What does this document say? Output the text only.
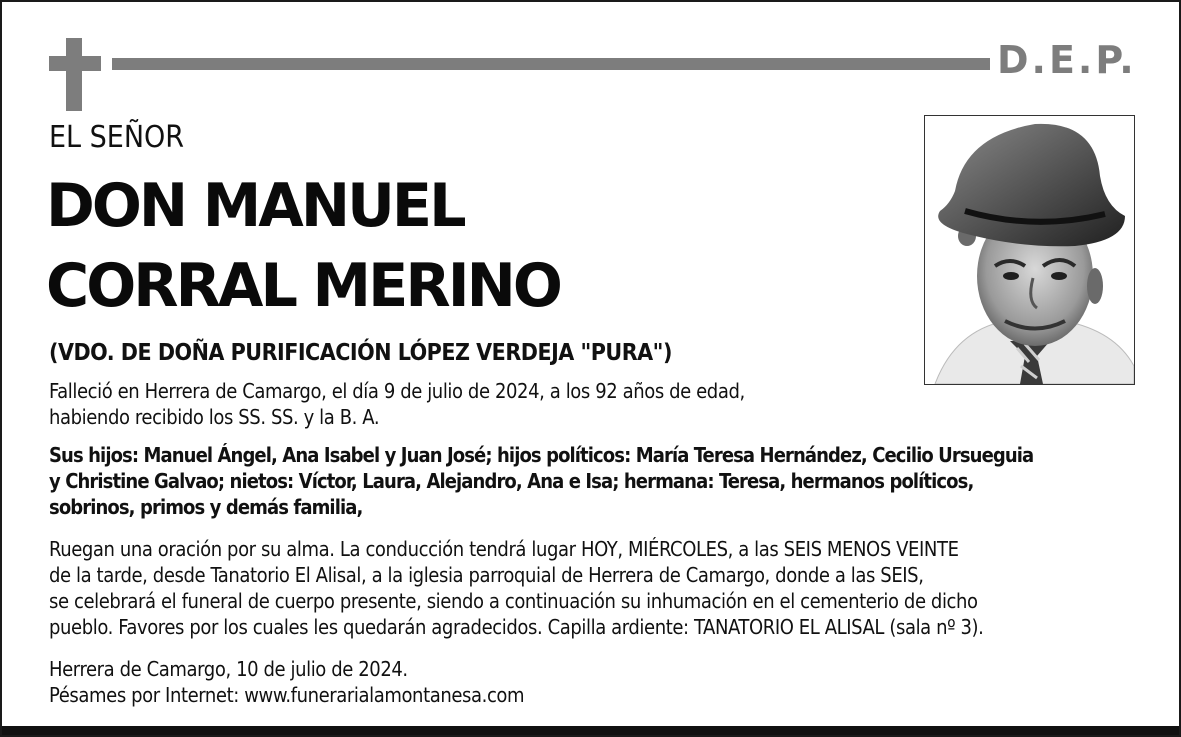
D.E.P.
EL SEÑOR
DON MANUEL
CORRAL MERINO
(VDO. DE DOÑA PURIFICACIÓN LÓPEZ VERDEJA "PURA")
Falleció en Herrera de Camargo, el día 9 de julio de 2024, a los 92 años de edad,
habiendo recibido los SS. SS. y la B. A.
Sus hijos: Manuel Ángel, Ana Isabel y Juan José; hijos políticos: María Teresa Hernández, Cecilio Ursueguia
y Christine Galvao; nietos: Víctor, Laura, Alejandro, Ana e Isa; hermana: Teresa, hermanos políticos,
sobrinos, primos y demás familia,
Ruegan una oración por su alma. La conducción tendrá lugar HOY, MIÉRCOLES, a las SEIS MENOS VEINTE
de la tarde, desde Tanatorio El Alisal, a la iglesia parroquial de Herrera de Camargo, donde a las SEIS,
se celebrará el funeral de cuerpo presente, siendo a continuación su inhumación en el cementerio de dicho
pueblo. Favores por los cuales les quedarán agradecidos. Capilla ardiente: TANATORIO EL ALISAL (sala nº 3).
Herrera de Camargo, 10 de julio de 2024.
Pésames por Internet: www.funerarialamontanesa.com
